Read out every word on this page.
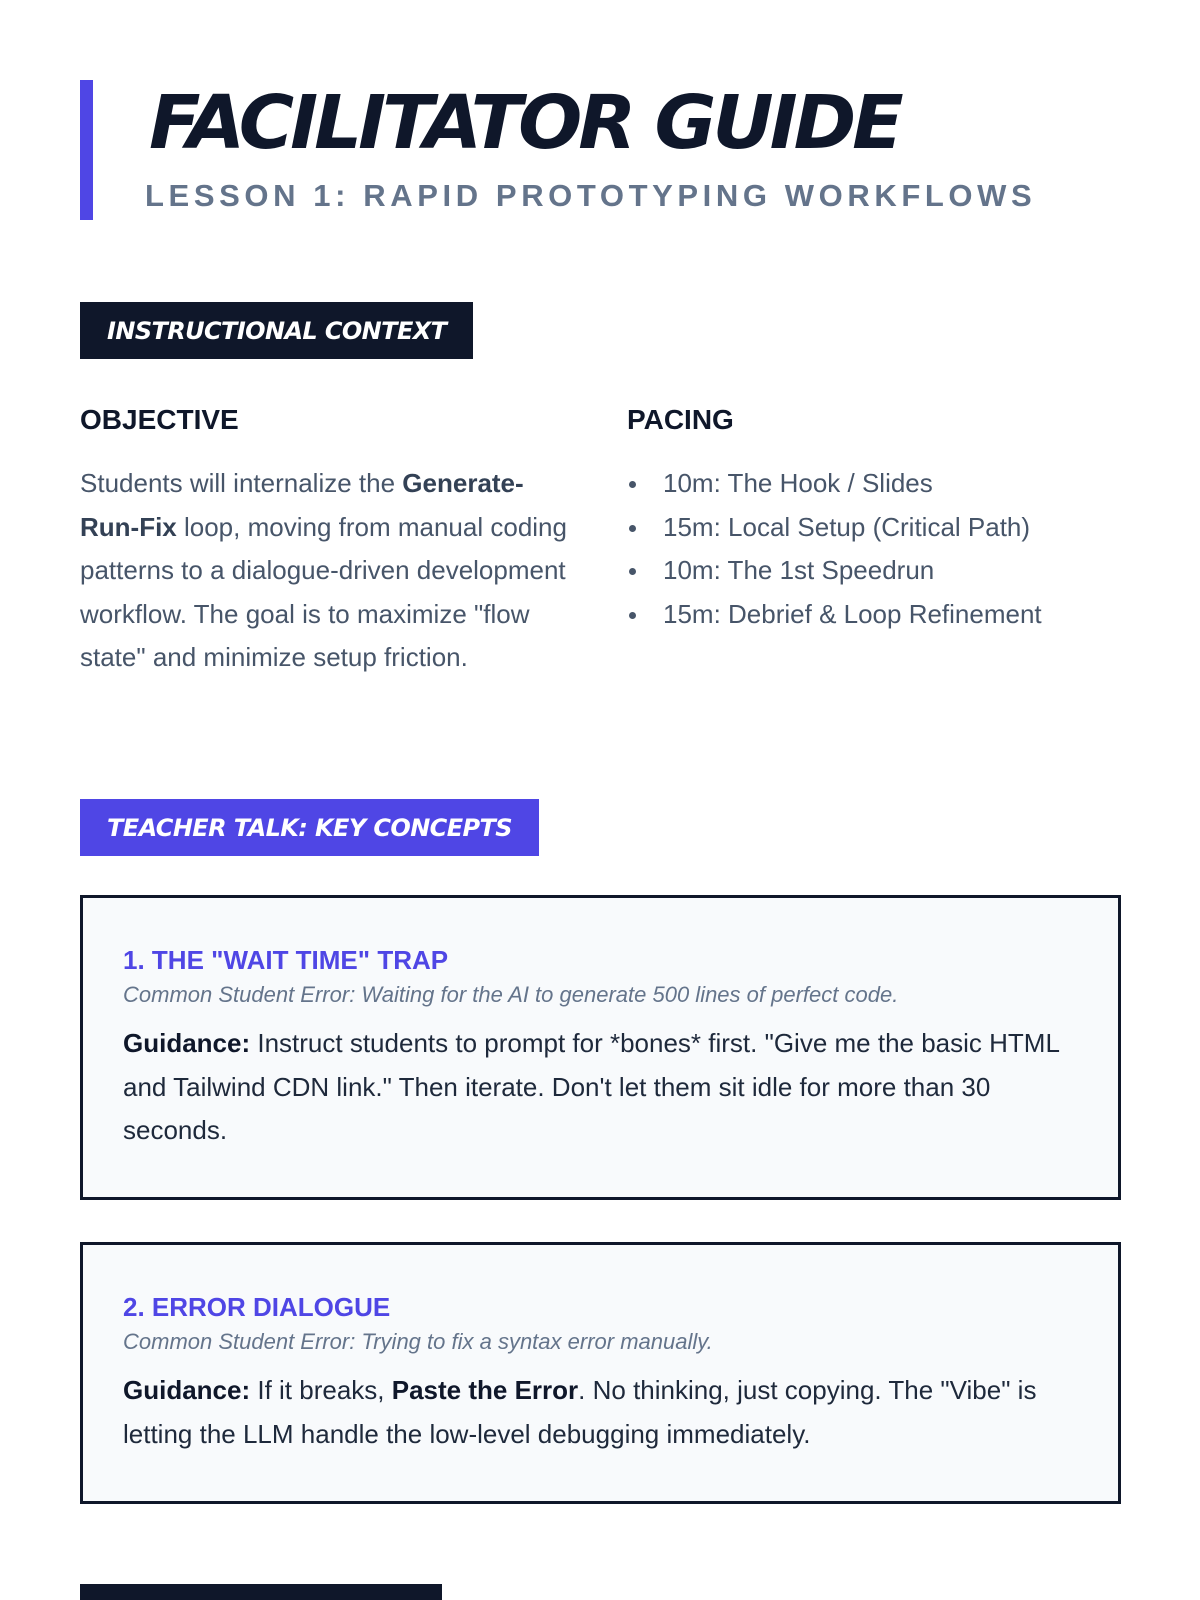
FACILITATOR GUIDE
LESSON 1: RAPID PROTOTYPING WORKFLOWS
INSTRUCTIONAL CONTEXT
OBJECTIVE

Students will internalize the Generate-Run-Fix loop, moving from manual coding patterns to a dialogue-driven development workflow. The goal is to maximize "flow state" and minimize setup friction.

PACING
10m: The Hook / Slides
15m: Local Setup (Critical Path)
10m: The 1st Speedrun
15m: Debrief & Loop Refinement
TEACHER TALK: KEY CONCEPTS
1. THE "WAIT TIME" TRAP

Common Student Error: Waiting for the AI to generate 500 lines of perfect code.

Guidance: Instruct students to prompt for *bones* first. "Give me the basic HTML and Tailwind CDN link." Then iterate. Don't let them sit idle for more than 30 seconds.

2. ERROR DIALOGUE

Common Student Error: Trying to fix a syntax error manually.

Guidance: If it breaks, Paste the Error. No thinking, just copying. The "Vibe" is letting the LLM handle the low-level debugging immediately.
